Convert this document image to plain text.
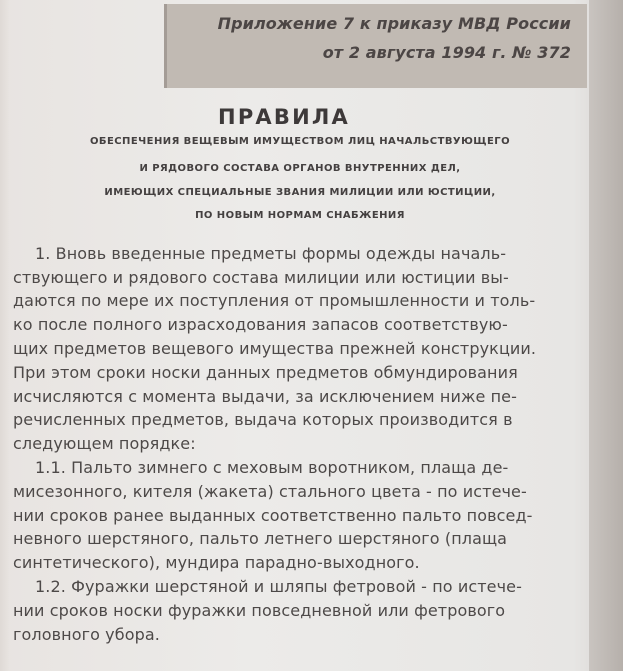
Приложение 7 к приказу МВД России
от 2 августа 1994 г. № 372
ПРАВИЛА
ОБЕСПЕЧЕНИЯ ВЕЩЕВЫМ ИМУЩЕСТВОМ ЛИЦ НАЧАЛЬСТВУЮЩЕГО
И РЯДОВОГО СОСТАВА ОРГАНОВ ВНУТРЕННИХ ДЕЛ,
ИМЕЮЩИХ СПЕЦИАЛЬНЫЕ ЗВАНИЯ МИЛИЦИИ ИЛИ ЮСТИЦИИ,
ПО НОВЫМ НОРМАМ СНАБЖЕНИЯ
1. Вновь введенные предметы формы одежды началь-
ствующего и рядового состава милиции или юстиции вы-
даются по мере их поступления от промышленности и толь-
ко после полного израсходования запасов соответствую-
щих предметов вещевого имущества прежней конструкции.
При этом сроки носки данных предметов обмундирования
исчисляются с момента выдачи, за исключением ниже пе-
речисленных предметов, выдача которых производится в
следующем порядке:
1.1. Пальто зимнего с меховым воротником, плаща де-
мисезонного, кителя (жакета) стального цвета - по истече-
нии сроков ранее выданных соответственно пальто повсед-
невного шерстяного, пальто летнего шерстяного (плаща
синтетического), мундира парадно-выходного.
1.2. Фуражки шерстяной и шляпы фетровой - по истече-
нии сроков носки фуражки повседневной или фетрового
головного убора.
